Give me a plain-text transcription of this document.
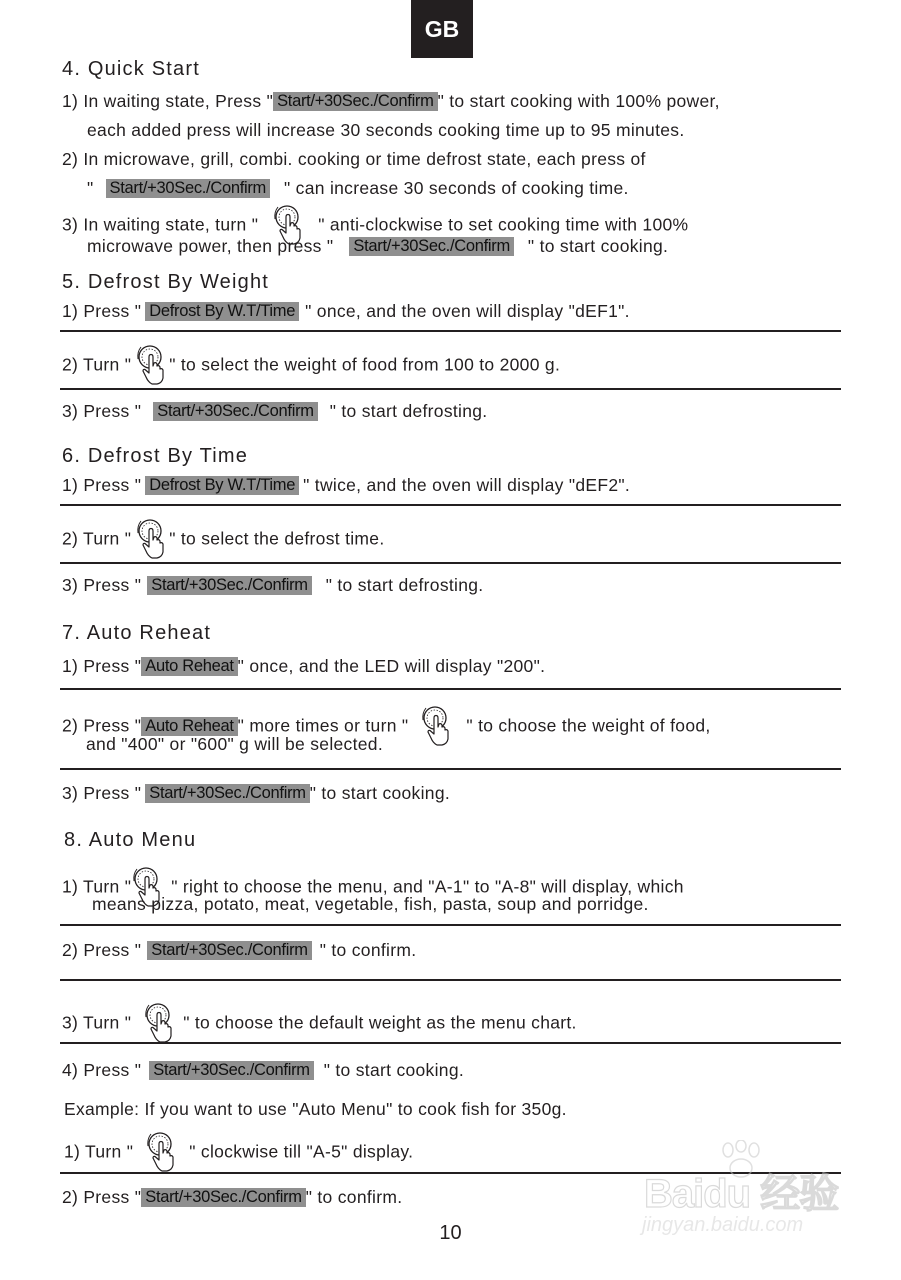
GB
4. Quick Start
1) In waiting state, Press " Start/+30Sec./Confirm " to start cooking with 100% power,
each added press will increase 30 seconds cooking time up to 95 minutes.
2) In microwave, grill, combi. cooking or time defrost state, each press of
" Start/+30Sec./Confirm " can increase 30 seconds of cooking time.
3) In waiting state, turn "	" anti-clockwise to set cooking time with 100%
microwave power, then press " Start/+30Sec./Confirm " to start cooking.
5. Defrost By Weight
1) Press " Defrost By W.T/Time " once, and the oven will display "dEF1".
2) Turn " " to select the weight of food from 100 to 2000 g.
3) Press " Start/+30Sec./Confirm " to start defrosting.
6. Defrost By Time
1) Press " Defrost By W.T/Time " twice, and the oven will display "dEF2".
2) Turn " " to select the defrost time.
3) Press " Start/+30Sec./Confirm " to start defrosting.
7. Auto Reheat
1) Press " Auto Reheat " once, and the LED will display "200".
2) Press " Auto Reheat " more times or turn "	" to choose the weight of food,
and "400" or "600" g will be selected.
3) Press " Start/+30Sec./Confirm " to start cooking.
8. Auto Menu
1) Turn " " right to choose the menu, and "A-1" to "A-8" will display, which
means pizza, potato, meat, vegetable, fish, pasta, soup and porridge.
2) Press " Start/+30Sec./Confirm " to confirm.
3) Turn "	" to choose the default weight as the menu chart.
4) Press " Start/+30Sec./Confirm " to start cooking.
Example: If you want to use "Auto Menu" to cook fish for 350g.
1) Turn "	" clockwise till "A-5" display.
2) Press " Start/+30Sec./Confirm " to confirm.
10
Baidu 经验
jingyan.baidu.com
